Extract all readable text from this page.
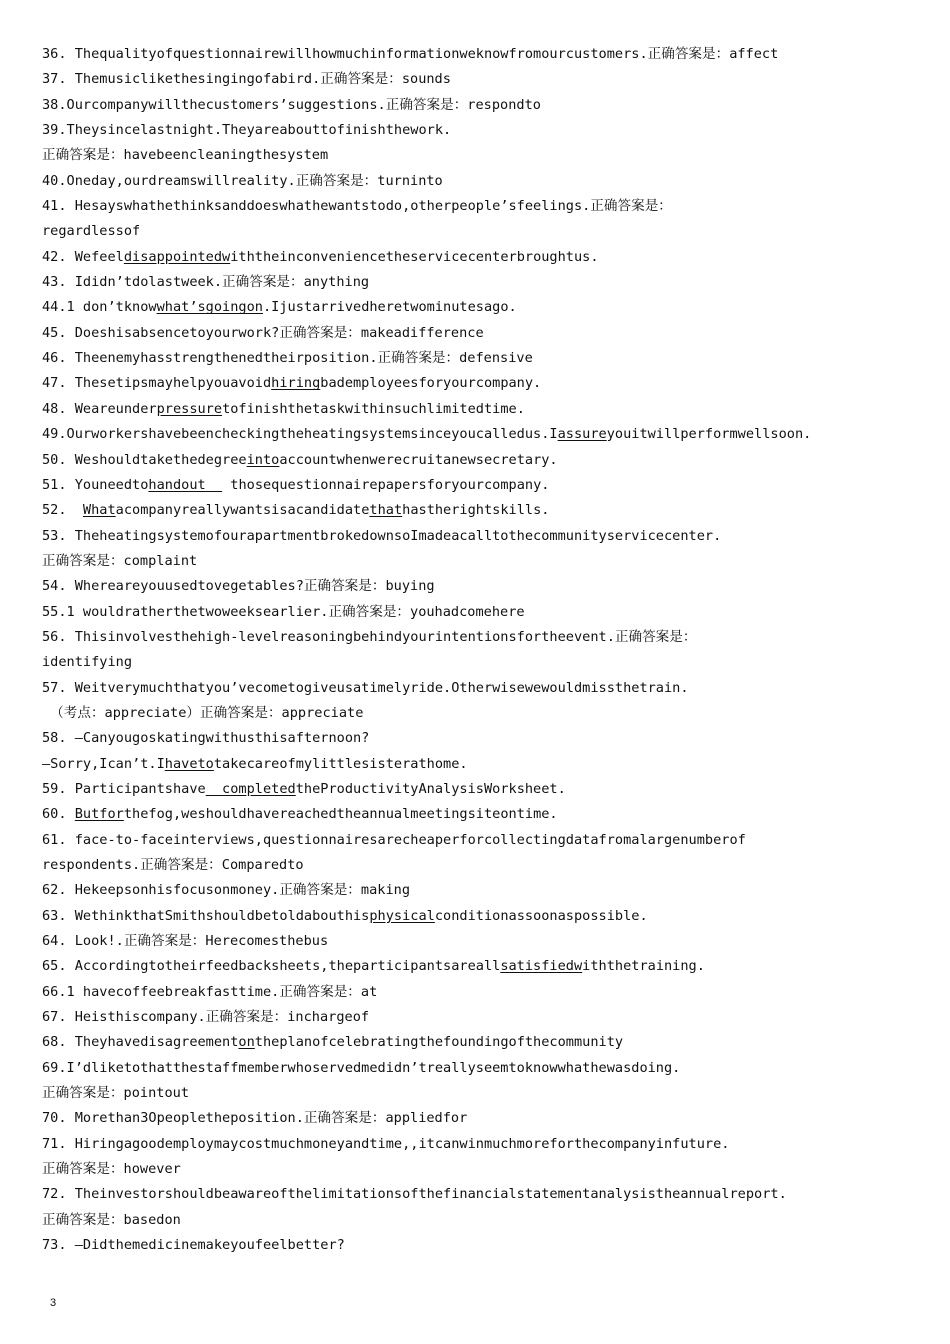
36. Thequalityofquestionnairewillhowmuchinformationweknowfromourcustomers.正确答案是：affect
37. Themusiclikethesingingofabird.正确答案是：sounds
38.Ourcompanywillthecustomers’suggestions.正确答案是：respondto
39.Theysincelastnight.Theyareabouttofinishthework.
正确答案是：havebeencleaningthesystem
40.Oneday,ourdreamswillreality.正确答案是：turninto
41. Hesayswhathethinksanddoeswhathewantstodo,otherpeople’sfeelings.正确答案是：
regardlessof
42. Wefeeldisappointedwiththeinconveniencetheservicecenterbroughtus.
43. Ididn’tdolastweek.正确答案是：anything
44.1 don’tknowwhat’sgoingon.Ijustarrivedheretwominutesago.
45. Doeshisabsencetoyourwork?正确答案是：makeadifference
46. Theenemyhasstrengthenedtheirposition.正确答案是：defensive
47. Thesetipsmayhelpyouavoidhiringbademployeesforyourcompany.
48. Weareunderpressuretofinishthetaskwithinsuchlimitedtime.
49.Ourworkershavebeencheckingtheheatingsystemsinceyoucalledus.Iassureyouitwillperformwellsoon.
50. Weshouldtakethedegreeintoaccountwhenwerecruitanewsecretary.
51. Youneedtohandout   thosequestionnairepapersforyourcompany.
52.  Whatacompanyreallywantsisacandidatethathastherightskills.
53. TheheatingsystemofourapartmentbrokedownsoImadeacalltothecommunityservicecenter.
正确答案是：complaint
54. Whereareyouusedtovegetables?正确答案是：buying
55.1 wouldratherthetwoweeksearlier.正确答案是：youhadcomehere
56. Thisinvolvesthehigh-levelreasoningbehindyourintentionsfortheevent.正确答案是：
identifying
57. Weitverymuchthatyou’vecometogiveusatimelyride.Otherwisewewouldmissthetrain.
（考点：appreciate）正确答案是：appreciate
58. —Canyougoskatingwithusthisafternoon?
—Sorry,Ican’t.Ihavetotakecareofmylittlesisterathome.
59. Participantshave  completedtheProductivityAnalysisWorksheet.
60. Butforthefog,weshouldhavereachedtheannualmeetingsiteontime.
61. face-to-faceinterviews,questionnairesarecheaperforcollectingdatafromalargenumberof
respondents.正确答案是：Comparedto
62. Hekeepsonhisfocusonmoney.正确答案是：making
63. WethinkthatSmithshouldbetoldabouthisphysicalconditionassoonaspossible.
64. Look!.正确答案是：Herecomesthebus
65. Accordingtotheirfeedbacksheets,theparticipantsareallsatisfiedwiththetraining.
66.1 havecoffeebreakfasttime.正确答案是：at
67. Heisthiscompany.正确答案是：inchargeof
68. Theyhavedisagreementontheplanofcelebratingthefoundingofthecommunity
69.I’dliketothatthestaffmemberwhoservedmedidn’treallyseemtoknowwhathewasdoing.
正确答案是：pointout
70. Morethan3Opeopletheposition.正确答案是：appliedfor
71. Hiringagoodemploymaycostmuchmoneyandtime,,itcanwinmuchmoreforthecompanyinfuture.
正确答案是：however
72. Theinvestorshouldbeawareofthelimitationsofthefinancialstatementanalysistheannualreport.
正确答案是：basedon
73. —Didthemedicinemakeyoufeelbetter?
3
